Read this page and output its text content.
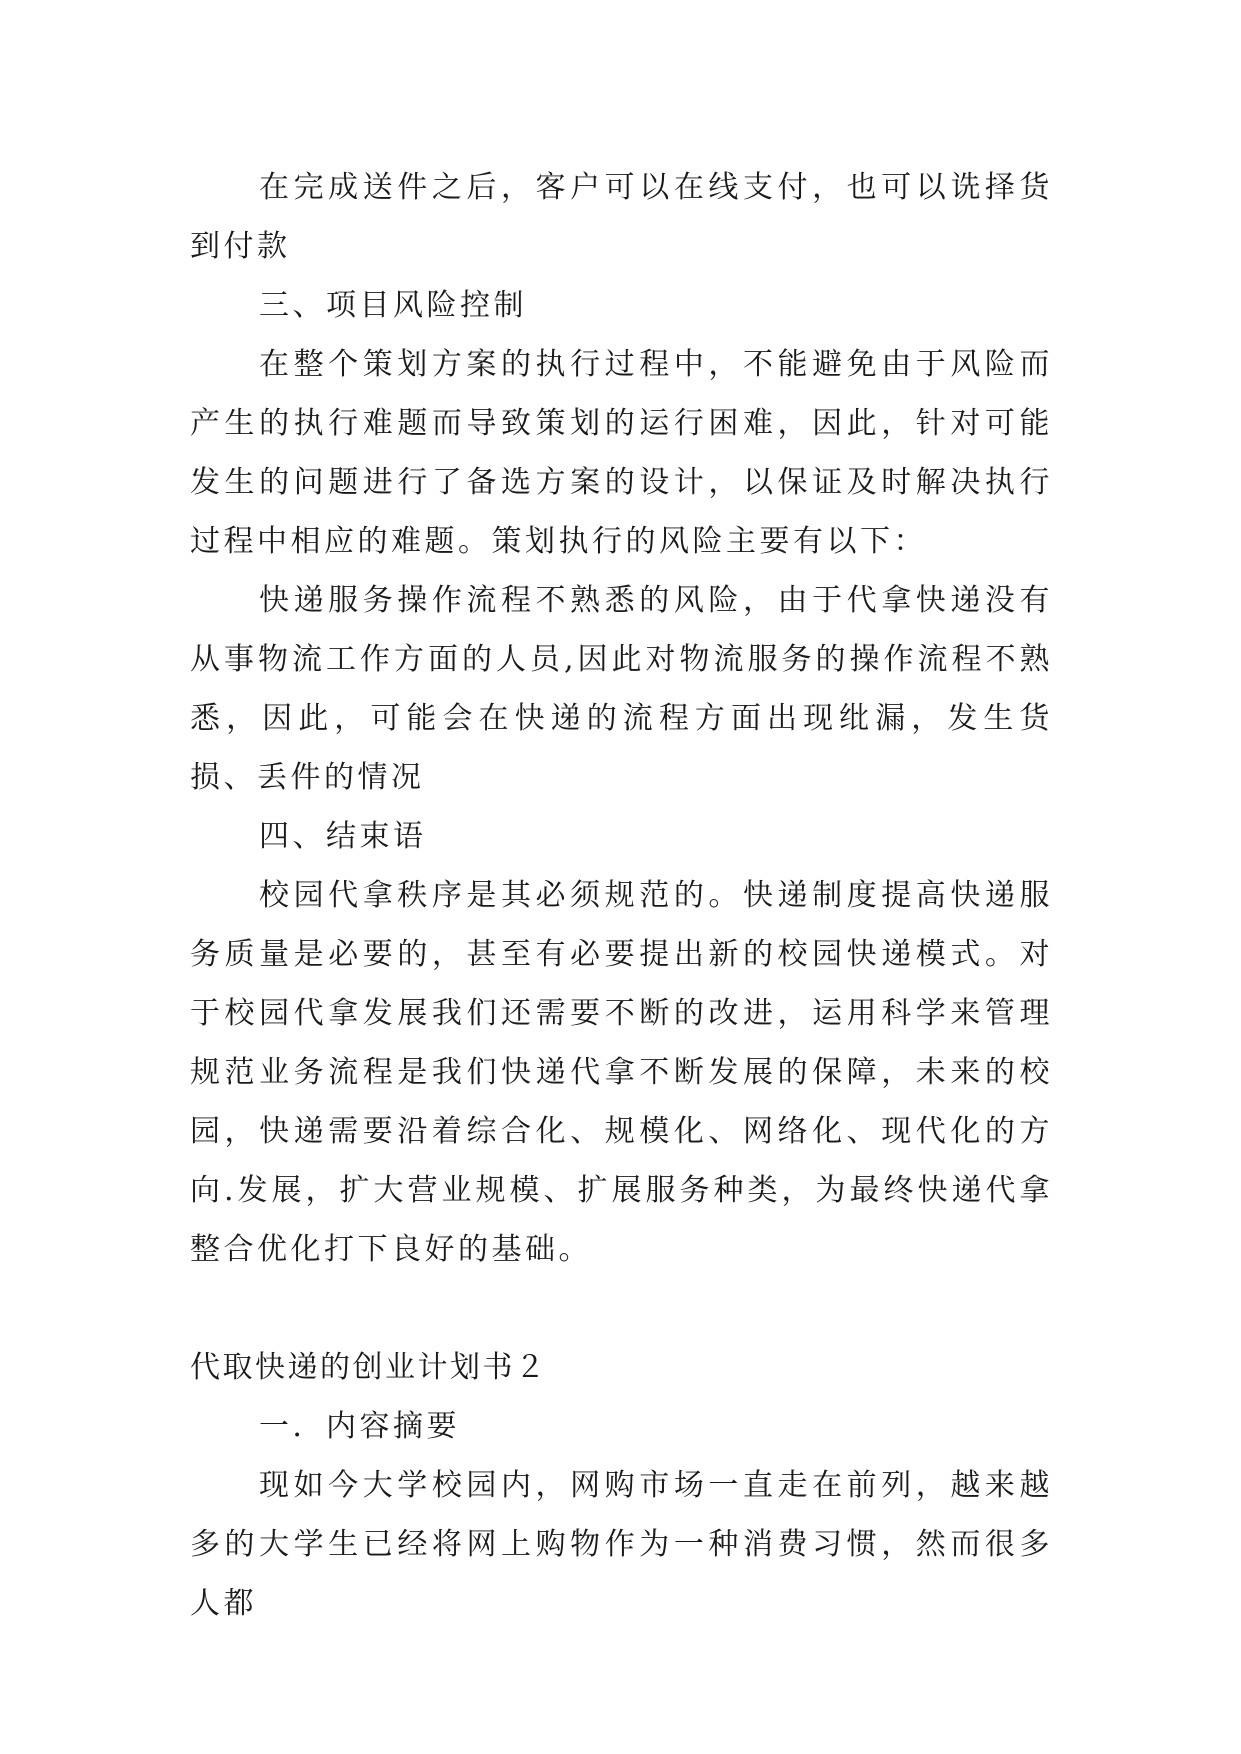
在完成送件之后，客户可以在线支付，也可以诜择货到付款

三、项目风险控制

在整个策划方案的执行过程中，不能避免由于风险而产生的执行难题而导致策划的运行困难，因此，针对可能发生的问题进行了备选方案的设计，以保证及时解决执行过程中相应的难题。策划执行的风险主要有以下：

快递服务操作流程不熟悉的风险，由于代拿快递没有从事物流工作方面的人员,因此对物流服务的操作流程不熟悉，因此，可能会在快递的流程方面出现纰漏，发生货损、丢件的情况

四、结束语

校园代拿秩序是其必须规范的。快递制度提高快递服务质量是必要的，甚至有必要提出新的校园快递模式。对于校园代拿发展我们还需要不断的改进，运用科学来管理规范业务流程是我们快递代拿不断发展的保障，未来的校园，快递需要沿着综合化、规模化、网络化、现代化的方向.发展，扩大营业规模、扩展服务种类，为最终快递代拿整合优化打下良好的基础。

代取快递的创业计划书２

一．内容摘要

现如今大学校园内，网购市场一直走在前列，越来越多的大学生已经将网上购物作为一种消费习惯，然而很多人都
